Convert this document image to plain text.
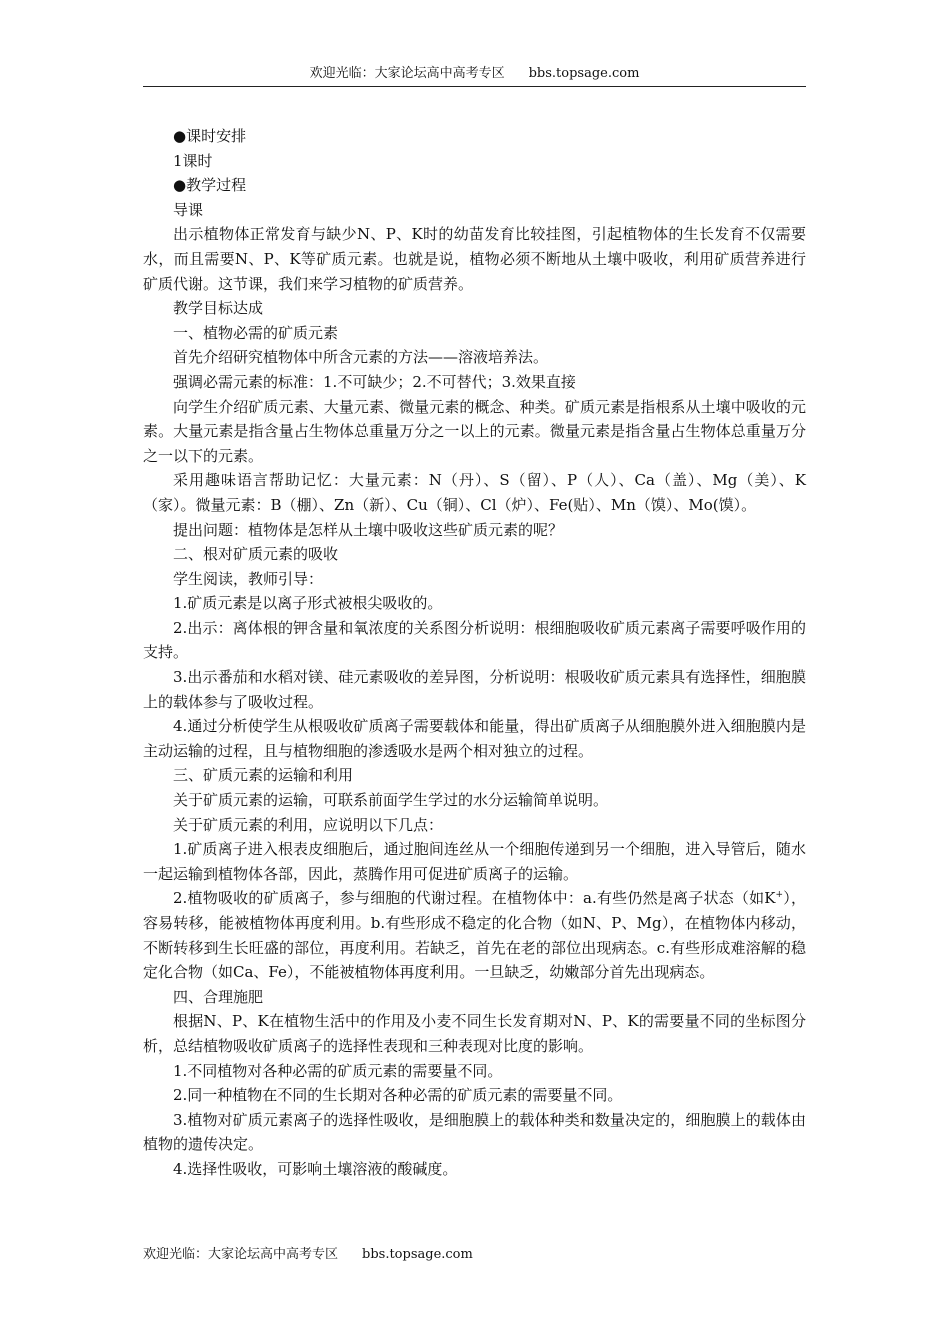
欢迎光临：大家论坛高中高考专区 bbs.topsage.com

●课时安排

1课时

●教学过程

导课

出示植物体正常发育与缺少N、P、K时的幼苗发育比较挂图，引起植物体的生长发育不仅需要水，而且需要N、P、K等矿质元素。也就是说，植物必须不断地从土壤中吸收，利用矿质营养进行矿质代谢。这节课，我们来学习植物的矿质营养。

教学目标达成

一、植物必需的矿质元素

首先介绍研究植物体中所含元素的方法——溶液培养法。

强调必需元素的标准：1.不可缺少；2.不可替代；3.效果直接

向学生介绍矿质元素、大量元素、微量元素的概念、种类。矿质元素是指根系从土壤中吸收的元素。大量元素是指含量占生物体总重量万分之一以上的元素。微量元素是指含量占生物体总重量万分之一以下的元素。

采用趣味语言帮助记忆：大量元素：N（丹）、S（留）、P（人）、Ca（盖）、Mg（美）、K（家）。微量元素：B（棚）、Zn（新）、Cu（铜）、Cl（炉）、Fe(贴）、Mn（馍）、Mo(馍）。

提出问题：植物体是怎样从土壤中吸收这些矿质元素的呢？

二、根对矿质元素的吸收

学生阅读，教师引导：

1.矿质元素是以离子形式被根尖吸收的。

2.出示：离体根的钾含量和氧浓度的关系图分析说明：根细胞吸收矿质元素离子需要呼吸作用的支持。

3.出示番茄和水稻对镁、硅元素吸收的差异图，分析说明：根吸收矿质元素具有选择性，细胞膜上的载体参与了吸收过程。

4.通过分析使学生从根吸收矿质离子需要载体和能量，得出矿质离子从细胞膜外进入细胞膜内是主动运输的过程，且与植物细胞的渗透吸水是两个相对独立的过程。

三、矿质元素的运输和利用

关于矿质元素的运输，可联系前面学生学过的水分运输简单说明。

关于矿质元素的利用，应说明以下几点：

1.矿质离子进入根表皮细胞后，通过胞间连丝从一个细胞传递到另一个细胞，进入导管后，随水一起运输到植物体各部，因此，蒸腾作用可促进矿质离子的运输。

2.植物吸收的矿质离子，参与细胞的代谢过程。在植物体中：a.有些仍然是离子状态（如K+），容易转移，能被植物体再度利用。b.有些形成不稳定的化合物（如N、P、Mg），在植物体内移动，不断转移到生长旺盛的部位，再度利用。若缺乏，首先在老的部位出现病态。c.有些形成难溶解的稳定化合物（如Ca、Fe），不能被植物体再度利用。一旦缺乏，幼嫩部分首先出现病态。

四、合理施肥

根据N、P、K在植物生活中的作用及小麦不同生长发育期对N、P、K的需要量不同的坐标图分析，总结植物吸收矿质离子的选择性表现和三种表现对比度的影响。

1.不同植物对各种必需的矿质元素的需要量不同。

2.同一种植物在不同的生长期对各种必需的矿质元素的需要量不同。

3.植物对矿质元素离子的选择性吸收，是细胞膜上的载体种类和数量决定的，细胞膜上的载体由植物的遗传决定。

4.选择性吸收，可影响土壤溶液的酸碱度。

欢迎光临：大家论坛高中高考专区 bbs.topsage.com
